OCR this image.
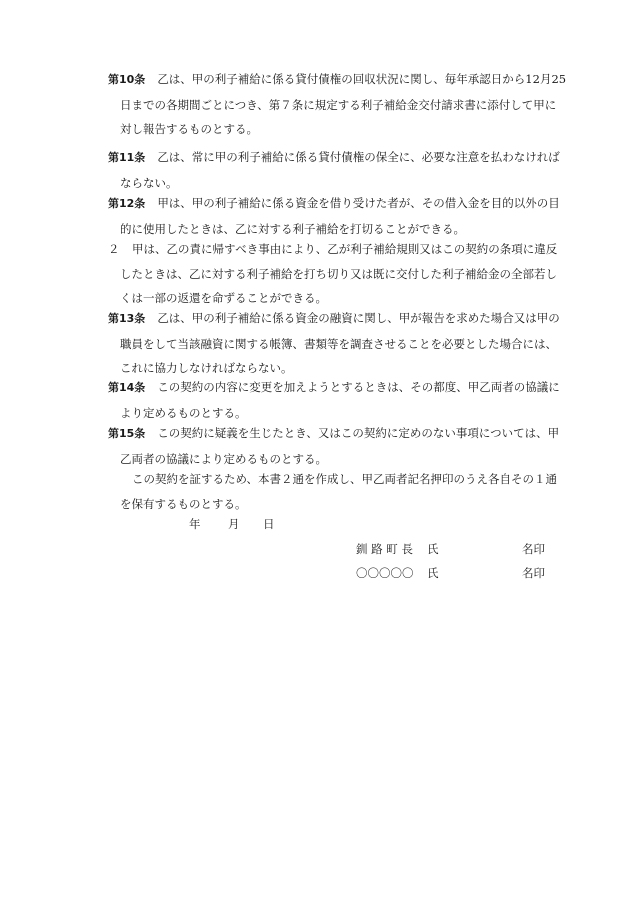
第10条 乙は、甲の利子補給に係る貸付債権の回収状況に関し、毎年承認日から12月25
日までの各期間ごとにつき、第７条に規定する利子補給金交付請求書に添付して甲に
対し報告するものとする。

第11条 乙は、常に甲の利子補給に係る貸付債権の保全に、必要な注意を払わなければ
ならない。

第12条 甲は、甲の利子補給に係る資金を借り受けた者が、その借入金を目的以外の目
的に使用したときは、乙に対する利子補給を打切ることができる。

２ 甲は、乙の責に帰すべき事由により、乙が利子補給規則又はこの契約の条項に違反
したときは、乙に対する利子補給を打ち切り又は既に交付した利子補給金の全部若し
くは一部の返還を命ずることができる。

第13条 乙は、甲の利子補給に係る資金の融資に関し、甲が報告を求めた場合又は甲の
職員をして当該融資に関する帳簿、書類等を調査させることを必要とした場合には、
これに協力しなければならない。

第14条 この契約の内容に変更を加えようとするときは、その都度、甲乙両者の協議に
より定めるものとする。

第15条 この契約に疑義を生じたとき、又はこの契約に定めのない事項については、甲
乙両者の協議により定めるものとする。

この契約を証するため、本書２通を作成し、甲乙両者記名押印のうえ各自その１通
を保有するものとする。

年 月 日
釧 路 町 長 氏	名印
〇〇〇〇〇 氏	名印
